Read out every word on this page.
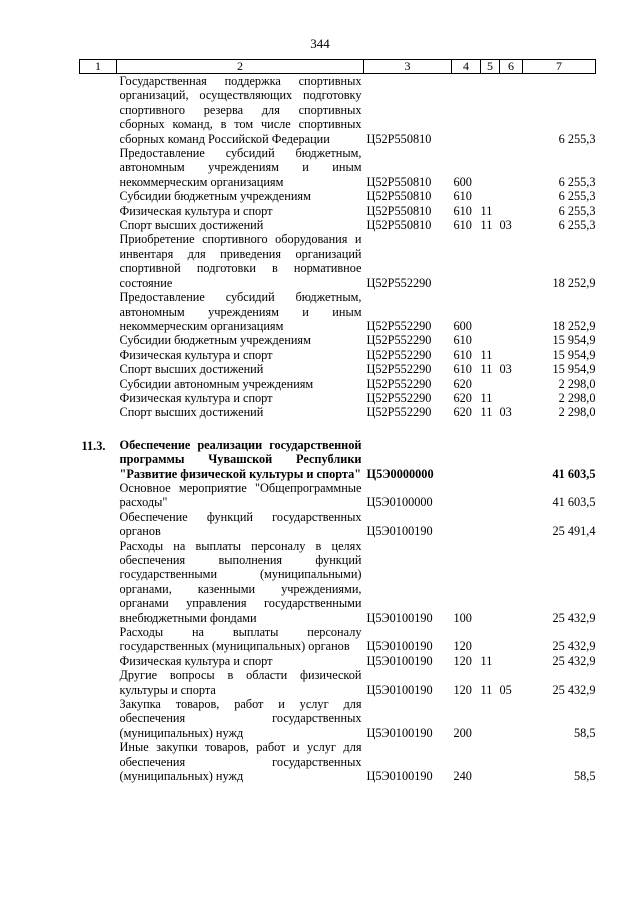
344
1	2	3	4	5	6	7
	Государственная поддержка спортивных организаций, осуществляющих подготовку спортивного резерва для спортивных сборных команд, в том числе спортивных сборных команд Российской Федерации	Ц52P550810				6 255,3
	Предоставление субсидий бюджетным, автономным учреждениям и иным некоммерческим организациям	Ц52P550810	600			6 255,3
	Субсидии бюджетным учреждениям	Ц52P550810	610			6 255,3
	Физическая культура и спорт	Ц52P550810	610	11		6 255,3
	Спорт высших достижений	Ц52P550810	610	11	03	6 255,3
	Приобретение спортивного оборудования и инвентаря для приведения организаций спортивной подготовки в нормативное состояние	Ц52P552290				18 252,9
	Предоставление субсидий бюджетным, автономным учреждениям и иным некоммерческим организациям	Ц52P552290	600			18 252,9
	Субсидии бюджетным учреждениям	Ц52P552290	610			15 954,9
	Физическая культура и спорт	Ц52P552290	610	11		15 954,9
	Спорт высших достижений	Ц52P552290	610	11	03	15 954,9
	Субсидии автономным учреждениям	Ц52P552290	620			2 298,0
	Физическая культура и спорт	Ц52P552290	620	11		2 298,0
	Спорт высших достижений	Ц52P552290	620	11	03	2 298,0

11.3.	Обеспечение реализации государственной программы Чувашской Республики "Развитие физической культуры и спорта"	Ц5Э0000000				41 603,5
	Основное мероприятие "Общепрограммные расходы"	Ц5Э0100000				41 603,5
	Обеспечение функций государственных органов	Ц5Э0100190				25 491,4
	Расходы на выплаты персоналу в целях обеспечения выполнения функций государственными (муниципальными) органами, казенными учреждениями, органами управления государственными внебюджетными фондами	Ц5Э0100190	100			25 432,9
	Расходы на выплаты персоналу государственных (муниципальных) органов	Ц5Э0100190	120			25 432,9
	Физическая культура и спорт	Ц5Э0100190	120	11		25 432,9
	Другие вопросы в области физической культуры и спорта	Ц5Э0100190	120	11	05	25 432,9
	Закупка товаров, работ и услуг для обеспечения государственных (муниципальных) нужд	Ц5Э0100190	200			58,5
	Иные закупки товаров, работ и услуг для обеспечения государственных (муниципальных) нужд	Ц5Э0100190	240			58,5
